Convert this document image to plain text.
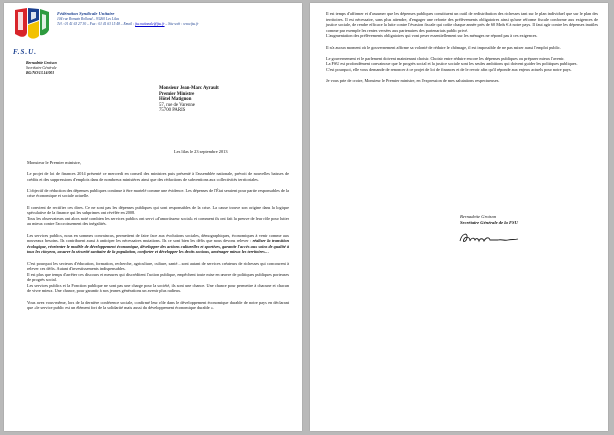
F.S.U.
Fédération Syndicale Unitaire
104 rue Romain Rolland – 93260 Les Lilas
Tél : 01 41 63 27 30 – Fax : 01 41 63 15 48 – Email : fsu.nationale@fsu.fr – Site web : www.fsu.fr
Bernadette Groison
Secrétaire Générale
BG/NO/13.14/001
Monsieur Jean-Marc Ayrault
Premier Ministre
Hôtel Matignon
57, rue de Varenne
75700 PARIS
Les lilas le 23 septembre 2013
Monsieur le Premier ministre,

Le projet de loi de finances 2014 présenté ce mercredi en conseil des ministres puis présenté à l'assemblée nationale, prévoit de nouvelles baisses de crédits et des suppressions d'emplois dans de nombreux ministères ainsi que des réductions de subventions aux collectivités territoriales.

L'objectif de réduction des dépenses publiques continue à être martelé comme une évidence. Les dépenses de l'État seraient pour partie responsables de la crise économique et sociale actuelle.

Il convient de rectifier ces dires. Ce ne sont pas les dépenses publiques qui sont responsables de la crise. La cause trouve son origine dans la logique spéculative de la finance qui les subprimes ont révélée en 2008.
Tous les observateurs ont alors noté combien les services publics ont servi «d'amortisseur social» et comment ils ont fait la preuve de leur rôle pour lutter au mieux contre l'accroissement des inégalités.

Les services publics, nous en sommes convaincus, permettent de faire face aux évolutions sociales, démographiques, économiques à venir comme aux nouveaux besoins. Ils contribuent aussi à anticiper les nécessaires mutations. Ils ce sont bien les défis que nous devons relever : réaliser la transition écologique, réorienter le modèle de développement économique, développer des actions culturelles et sportives, garantir l'accès aux soins de qualité à tous les citoyens, assurer la sécurité sanitaire de la population, conforter et développer les droits sociaux, aménager mieux les territoires…

C'est pourquoi les secteurs d'éducation, formation, recherche, agriculture, culture, santé…sont autant de services créateurs de richesses qui concourent à relever ces défis. Autant d'investissements indispensables.
Il est plus que temps d'arrêter ces discours et mesures qui discréditent l'action publique, empêchent toute mise en œuvre de politiques publiques porteuses de progrès social.
Les services publics et la Fonction publique ne sont pas une charge pour la société, ils sont une chance. Une chance pour permettre à chacune et chacun de vivre mieux. Une chance, pour garantir à nos jeunes générations un avenir plus radieux.

Vous avez vous-même, lors de la dernière conférence sociale, confirmé leur rôle dans le développement économique durable de notre pays en déclarant que «le service public est un élément fort de la solidarité mais aussi du développement économique durable ».

Il est temps d'affirmer et d'assumer que les dépenses publiques constituent un outil de redistribution des richesses tant sur le plan individuel que sur le plan des territoires. Il est nécessaire, sans plus attendre, d'engager une refonte des prélèvements obligatoires ainsi qu'une réforme fiscale conforme aux exigences de justice sociale, de rendre efficace la lutte contre l'évasion fiscale qui coûte chaque année près de 60 Mrds € à notre pays. Il faut agir contre les dépenses inutiles comme par exemple les rentes versées aux partenaires des partenariats public privé.
L'augmentation des prélèvements obligatoires qui vont peser essentiellement sur les ménages ne répond pas à ces exigences.

Il n'a aucun moment où le gouvernement affirme sa volonté de réduire le chômage, il est impossible de ne pas mixer aussi l'emploi public.

Le gouvernement et le parlement doivent maintenant choisir. Choisir entre réduire encore les dépenses publiques ou préparer mieux l'avenir.
La FSU est profondément convaincue que le progrès social et la justice sociale sont les seules ambitions qui doivent guider les politiques publiques.
C'est pourquoi, elle vous demande de renoncer à ce projet de loi de finances et de le revoir afin qu'il réponde aux enjeux actuels pour notre pays.

Je vous prie de croire, Monsieur le Premier ministre, en l'expression de mes salutations respectueuses.

Bernadette Groison
Secrétaire Générale de la FSU
